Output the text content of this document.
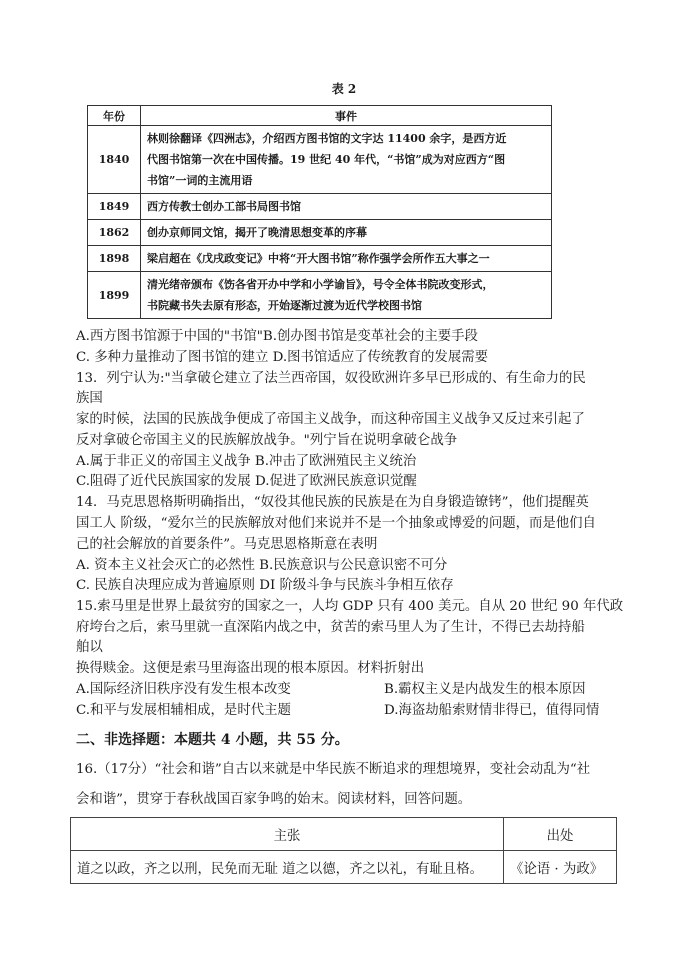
表 2
年份	事件
1840	林则徐翻译《四洲志》，介绍西方图书馆的文字达 11400 余字，是西方近
代图书馆第一次在中国传播。19 世纪 40 年代，“书馆”成为对应西方“图
书馆”一词的主流用语

1849	西方传教士创办工部书局图书馆

1862	创办京师同文馆，揭开了晚清思想变革的序幕

1898	梁启超在《戊戌政变记》中将“开大图书馆”称作强学会所作五大事之一

1899	清光绪帝颁布《饬各省开办中学和小学谕旨》，号令全体书院改变形式，
书院藏书失去原有形态，开始逐渐过渡为近代学校图书馆
A.西方图书馆源于中国的"书馆"B.创办图书馆是变革社会的主要手段
C. 多种力量推动了图书馆的建立 D.图书馆适应了传统教育的发展需要
13．列宁认为:"当拿破仑建立了法兰西帝国，奴役欧洲许多早已形成的、有生命力的民
族国
家的时候，法国的民族战争便成了帝国主义战争，而这种帝国主义战争又反过来引起了
反对拿破仑帝国主义的民族解放战争。"列宁旨在说明拿破仑战争
A.属于非正义的帝国主义战争 B.冲击了欧洲殖民主义统治
C.阻碍了近代民族国家的发展 D.促进了欧洲民族意识觉醒
14．马克思恩格斯明确指出，“奴役其他民族的民族是在为自身锻造镣铐”，他们提醒英
国工人 阶级，“爱尔兰的民族解放对他们来说并不是一个抽象或博爱的问题，而是他们自
己的社会解放的首要条件”。马克思恩格斯意在表明
A. 资本主义社会灭亡的必然性 B.民族意识与公民意识密不可分
C. 民族自决理应成为普遍原则 DI 阶级斗争与民族斗争相互依存
15.索马里是世界上最贫穷的国家之一，人均 GDP 只有 400 美元。自从 20 世纪 90 年代政
府垮台之后，索马里就一直深陷内战之中，贫苦的索马里人为了生计，不得已去劫持船
舶以
换得赎金。这便是索马里海盗出现的根本原因。材料折射出
A.国际经济旧秩序没有发生根本改变	B.霸权主义是内战发生的根本原因
C.和平与发展相辅相成，是时代主题	D.海盗劫船索财情非得已，值得同情
二、非选择题：本题共 4 小题，共 55 分。
16.（17分）“社会和谐”自古以来就是中华民族不断追求的理想境界，变社会动乱为“社
会和谐”，贯穿于春秋战国百家争鸣的始末。阅读材料，回答问题。
主张	出处
道之以政，齐之以刑，民免而无耻 道之以德，齐之以礼，有耻且格。	《论语 · 为政》
